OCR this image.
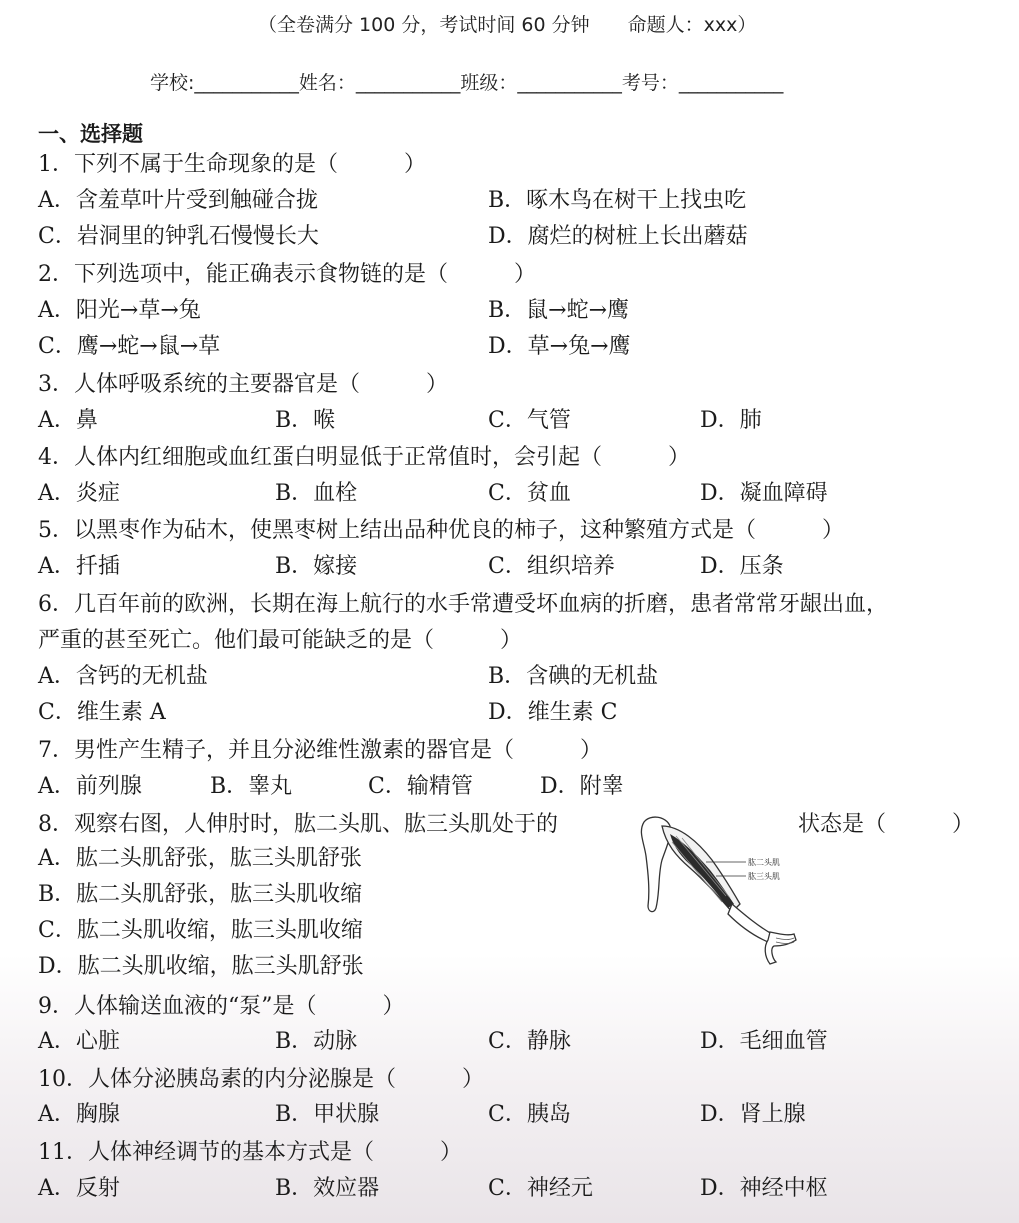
（全卷满分 100 分，考试时间 60 分钟　　命题人：xxx）
学校:___________姓名：___________班级：___________考号：___________
一、选择题
1．下列不属于生命现象的是（　　　）
A．含羞草叶片受到触碰合拢	B．啄木鸟在树干上找虫吃
C．岩洞里的钟乳石慢慢长大	D．腐烂的树桩上长出蘑菇
2．下列选项中，能正确表示食物链的是（　　　）
A．阳光→草→兔	B．鼠→蛇→鹰
C．鹰→蛇→鼠→草	D．草→兔→鹰
3．人体呼吸系统的主要器官是（　　　）
A．鼻	B．喉	C．气管	D．肺
4．人体内红细胞或血红蛋白明显低于正常值时，会引起（　　　）
A．炎症	B．血栓	C．贫血	D．凝血障碍
5．以黑枣作为砧木，使黑枣树上结出品种优良的柿子，这种繁殖方式是（　　　）
A．扦插	B．嫁接	C．组织培养	D．压条
6．几百年前的欧洲，长期在海上航行的水手常遭受坏血病的折磨，患者常常牙龈出血，
严重的甚至死亡。他们最可能缺乏的是（　　　）
A．含钙的无机盐	B．含碘的无机盐
C．维生素 A	D．维生素 C
7．男性产生精子，并且分泌维性激素的器官是（　　　）
A．前列腺	B．睾丸	C．输精管	D．附睾
8．观察右图，人伸肘时，肱二头肌、肱三头肌处于的	状态是（　　　）
A．肱二头肌舒张，肱三头肌舒张
B．肱二头肌舒张，肱三头肌收缩
C．肱二头肌收缩，肱三头肌收缩
D．肱二头肌收缩，肱三头肌舒张
肱二头肌
肱三头肌
9．人体输送血液的“泵”是（　　　）
A．心脏	B．动脉	C．静脉	D．毛细血管
10．人体分泌胰岛素的内分泌腺是（　　　）
A．胸腺	B．甲状腺	C．胰岛	D．肾上腺
11．人体神经调节的基本方式是（　　　）
A．反射	B．效应器	C．神经元	D．神经中枢
